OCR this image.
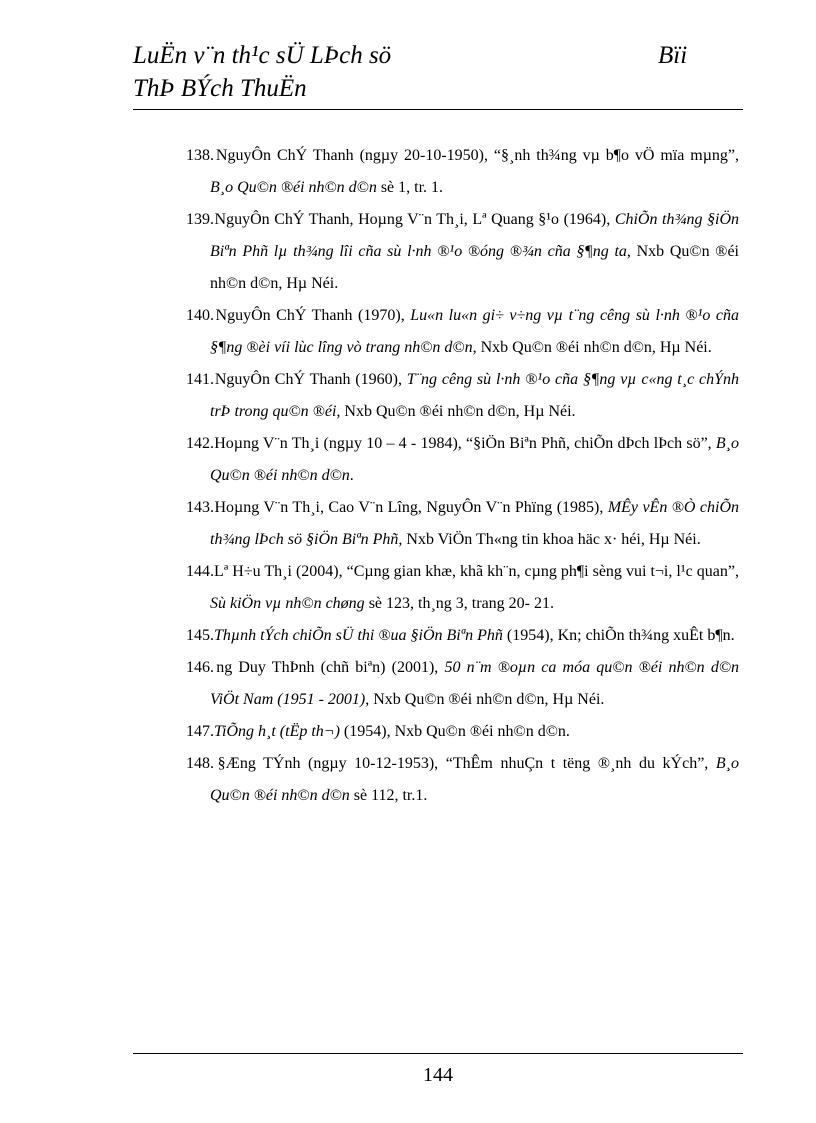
LuËn v¨n th¹c sÜ LÞch sö
ThÞ BÝch ThuËn
Bïi

138. NguyÔn ChÝ Thanh (ngµy 20-10-1950), “§¸nh th¾ng vµ b¶o vÖ mïa mµng”, B¸o Qu©n ®éi nh©n d©n sè 1, tr. 1.

139. NguyÔn ChÝ Thanh, Hoµng V¨n Th¸i, Lª Quang §¹o (1964), ChiÕn th¾ng §iÖn Biªn Phñ lµ th¾ng lîi cña sù l·nh ®¹o ®óng ®¾n cña §¶ng ta, Nxb Qu©n ®éi nh©n d©n, Hµ Néi.

140. NguyÔn ChÝ Thanh (1970), Lu«n lu«n gi÷ v÷ng vµ t¨ng cêng sù l·nh ®¹o cña §¶ng ®èi víi lùc lîng vò trang nh©n d©n, Nxb Qu©n ®éi nh©n d©n, Hµ Néi.

141. NguyÔn ChÝ Thanh (1960), T¨ng cêng sù l·nh ®¹o cña §¶ng vµ c«ng t¸c chÝnh trÞ trong qu©n ®éi, Nxb Qu©n ®éi nh©n d©n, Hµ Néi.

142. Hoµng V¨n Th¸i (ngµy 10 – 4 - 1984), “§iÖn Biªn Phñ, chiÕn dÞch lÞch sö”, B¸o Qu©n ®éi nh©n d©n.

143. Hoµng V¨n Th¸i, Cao V¨n Lîng, NguyÔn V¨n Phïng (1985), MÊy vÊn ®Ò chiÕn th¾ng lÞch sö §iÖn Biªn Phñ, Nxb ViÖn Th«ng tin khoa häc x· héi, Hµ Néi.

144. Lª H÷u Th¸i (2004), “Cµng gian khæ, khã kh¨n, cµng ph¶i sèng vui t¬i, l¹c quan”, Sù kiÖn vµ nh©n chøng sè 123, th¸ng 3, trang 20- 21.

145. Thµnh tÝch chiÕn sÜ thi ®ua §iÖn Biªn Phñ (1954), Kn; chiÕn th¾ng xuÊt b¶n.

146. ng Duy ThÞnh (chñ biªn) (2001), 50 n¨m ®oµn ca móa qu©n ®éi nh©n d©n ViÖt Nam (1951 - 2001), Nxb Qu©n ®éi nh©n d©n, Hµ Néi.

147. TiÕng h¸t (tËp th¬) (1954), Nxb Qu©n ®éi nh©n d©n.

148. §Æng TÝnh (ngµy 10-12-1953), “ThÊm nhuÇn t tëng ®¸nh du kÝch”, B¸o Qu©n ®éi nh©n d©n sè 112, tr.1.

144
